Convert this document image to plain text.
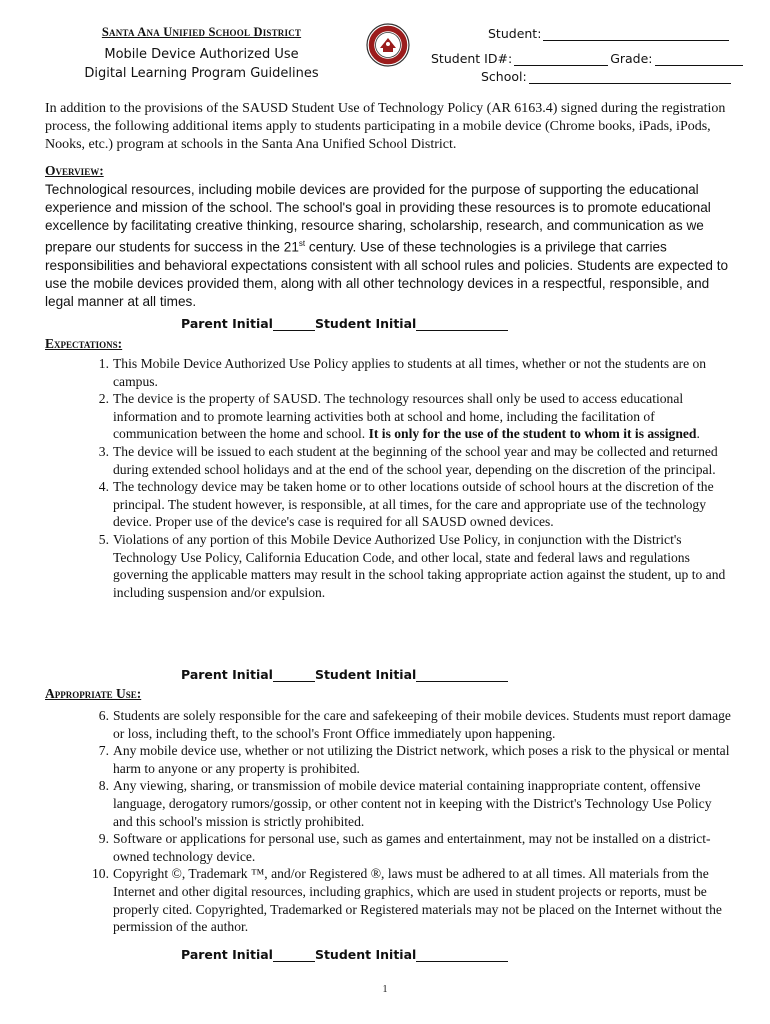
Santa Ana Unified School District
Mobile Device Authorized Use
Digital Learning Program Guidelines
Student:
Student ID#:	Grade:
School:
In addition to the provisions of the SAUSD Student Use of Technology Policy (AR 6163.4) signed during the registration process, the following additional items apply to students participating in a mobile device (Chrome books, iPads, iPods, Nooks, etc.) program at schools in the Santa Ana Unified School District.
Overview:
Technological resources, including mobile devices are provided for the purpose of supporting the educational experience and mission of the school. The school's goal in providing these resources is to promote educational excellence by facilitating creative thinking, resource sharing, scholarship, research, and communication as we prepare our students for success in the 21st century. Use of these technologies is a privilege that carries responsibilities and behavioral expectations consistent with all school rules and policies. Students are expected to use the mobile devices provided them, along with all other technology devices in a respectful, responsible, and legal manner at all times.
Parent Initial	Student Initial
Expectations:
1. This Mobile Device Authorized Use Policy applies to students at all times, whether or not the students are on campus.
2. The device is the property of SAUSD. The technology resources shall only be used to access educational information and to promote learning activities both at school and home, including the facilitation of communication between the home and school. It is only for the use of the student to whom it is assigned.
3. The device will be issued to each student at the beginning of the school year and may be collected and returned during extended school holidays and at the end of the school year, depending on the discretion of the principal.
4. The technology device may be taken home or to other locations outside of school hours at the discretion of the principal. The student however, is responsible, at all times, for the care and appropriate use of the technology device. Proper use of the device's case is required for all SAUSD owned devices.
5. Violations of any portion of this Mobile Device Authorized Use Policy, in conjunction with the District's Technology Use Policy, California Education Code, and other local, state and federal laws and regulations governing the applicable matters may result in the school taking appropriate action against the student, up to and including suspension and/or expulsion.
Parent Initial	Student Initial
Appropriate Use:
6. Students are solely responsible for the care and safekeeping of their mobile devices. Students must report damage or loss, including theft, to the school's Front Office immediately upon happening.
7. Any mobile device use, whether or not utilizing the District network, which poses a risk to the physical or mental harm to anyone or any property is prohibited.
8. Any viewing, sharing, or transmission of mobile device material containing inappropriate content, offensive language, derogatory rumors/gossip, or other content not in keeping with the District's Technology Use Policy and this school's mission is strictly prohibited.
9. Software or applications for personal use, such as games and entertainment, may not be installed on a district-owned technology device.
10. Copyright ©, Trademark ™, and/or Registered ®, laws must be adhered to at all times. All materials from the Internet and other digital resources, including graphics, which are used in student projects or reports, must be properly cited. Copyrighted, Trademarked or Registered materials may not be placed on the Internet without the permission of the author.
Parent Initial	Student Initial
1
